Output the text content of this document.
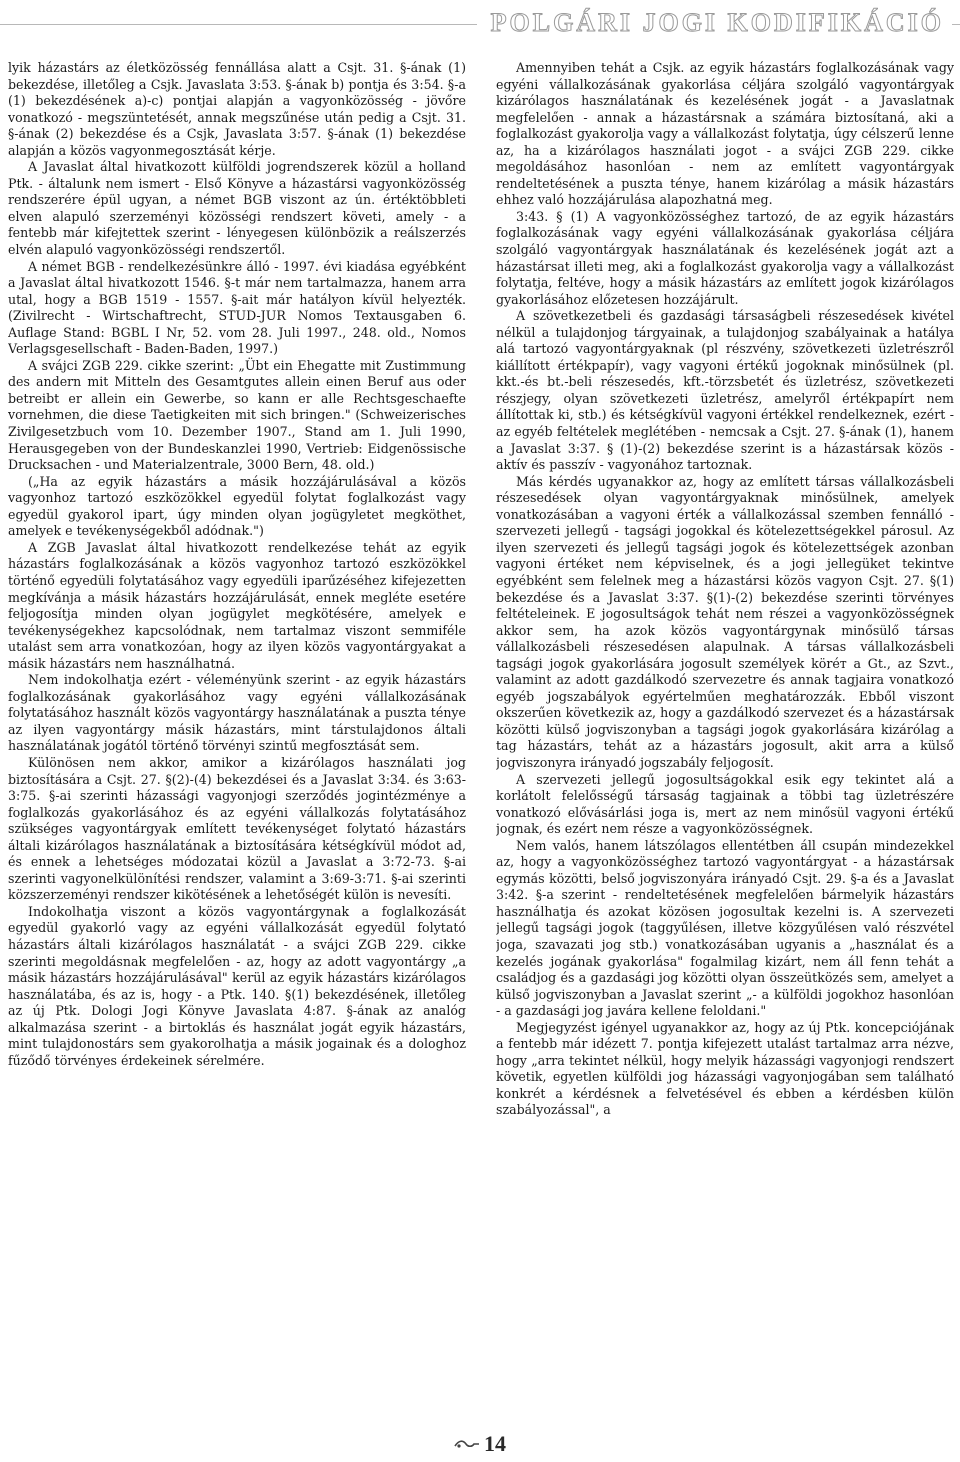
POLGÁRI JOGI KODIFIKÁCIÓ

lyik házastárs az életközösség fennállása alatt a Csjt. 31. §-ának (1) bekezdése, illetőleg a Csjk. Javaslata 3:53. §-ának b) pontja és 3:54. §-a (1) bekezdésének a)-c) pontjai alapján a vagyonközösség - jövőre vonatkozó - megszüntetését, annak megszűnése után pedig a Csjt. 31. §-ának (2) bekezdése és a Csjk, Javaslata 3:57. §-ának (1) bekezdése alapján a közös vagyonmegosztását kérje.

A Javaslat által hivatkozott külföldi jogrendszerek közül a holland Ptk. - általunk nem ismert - Első Könyve a házastársi vagyonközösség rendszerére épül ugyan, a német BGB viszont az ún. értéktöbbleti elven alapuló szerzeményi közösségi rendszert követi, amely - a fentebb már kifejtettek szerint - lényegesen különbözik a reálszerzés elvén alapuló vagyonközösségi rendszertől.

A német BGB - rendelkezésünkre álló - 1997. évi kiadása egyébként a Javaslat által hivatkozott 1546. §-t már nem tartalmazza, hanem arra utal, hogy a BGB 1519 - 1557. §-ait már hatályon kívül helyezték. (Zivilrecht - Wirtschaftrecht, STUD-JUR Nomos Textausgaben 6. Auflage Stand: BGBL I Nr, 52. vom 28. Juli 1997., 248. old., Nomos Verlagsgesellschaft - Baden-Baden, 1997.)

A svájci ZGB 229. cikke szerint: „Übt ein Ehegatte mit Zustimmung des andern mit Mitteln des Gesamtgutes allein einen Beruf aus oder betreibt er allein ein Gewerbe, so kann er alle Rechtsgeschaefte vornehmen, die diese Taetigkeiten mit sich bringen." (Schweizerisches Zivilgesetzbuch vom 10. Dezember 1907., Stand am 1. Juli 1990, Herausgegeben von der Bundeskanzlei 1990, Vertrieb: Eidgenössische Drucksachen - und Materialzentrale, 3000 Bern, 48. old.)

(„Ha az egyik házastárs a másik hozzájárulásával a közös vagyonhoz tartozó eszközökkel egyedül folytat foglalkozást vagy egyedül gyakorol ipart, úgy minden olyan jogügyletet megköthet, amelyek e tevékenységekből adódnak.")

A ZGB Javaslat által hivatkozott rendelkezése tehát az egyik házastárs foglalkozásának a közös vagyonhoz tartozó eszközökkel történő egyedüli folytatásához vagy egyedüli iparűzéséhez kifejezetten megkívánja a másik házastárs hozzájárulását, ennek megléte esetére feljogosítja minden olyan jogügylet megkötésére, amelyek e tevékenységekhez kapcsolódnak, nem tartalmaz viszont semmiféle utalást sem arra vonatkozóan, hogy az ilyen közös vagyontárgyakat a másik házastárs nem használhatná.

Nem indokolhatja ezért - véleményünk szerint - az egyik házastárs foglalkozásának gyakorlásához vagy egyéni vállalkozásának folytatásához használt közös vagyontárgy használatának a puszta ténye az ilyen vagyontárgy másik házastárs, mint társtulajdonos általi használatának jogától történő törvényi szintű megfosztását sem.

Különösen nem akkor, amikor a kizárólagos használati jog biztosítására a Csjt. 27. §(2)-(4) bekezdései és a Javaslat 3:34. és 3:63-3:75. §-ai szerinti házassági vagyonjogi szerződés jogintézménye a foglalkozás gyakorlásához és az egyéni vállalkozás folytatásához szükséges vagyontárgyak említett tevékenységet folytató házastárs általi kizárólagos használatának a biztosítására kétségkívül módot ad, és ennek a lehetséges módozatai közül a Javaslat a 3:72-73. §-ai szerinti vagyonelkülönítési rendszer, valamint a 3:69-3:71. §-ai szerinti közszerzeményi rendszer kikötésének a lehetőségét külön is nevesíti.

Indokolhatja viszont a közös vagyontárgynak a foglalkozását egyedül gyakorló vagy az egyéni vállalkozását egyedül folytató házastárs általi kizárólagos használatát - a svájci ZGB 229. cikke szerinti megoldásnak megfelelően - az, hogy az adott vagyontárgy „a másik házastárs hozzájárulásával" kerül az egyik házastárs kizárólagos használatába, és az is, hogy - a Ptk. 140. §(1) bekezdésének, illetőleg az új Ptk. Dologi Jogi Könyve Javaslata 4:87. §-ának az analóg alkalmazása szerint - a birtoklás és használat jogát egyik házastárs, mint tulajdonostárs sem gyakorolhatja a másik jogainak és a dologhoz fűződő törvényes érdekeinek sérelmére.

Amennyiben tehát a Csjk. az egyik házastárs foglalkozásának vagy egyéni vállalkozásának gyakorlása céljára szolgáló vagyontárgyak kizárólagos használatának és kezelésének jogát - a Javaslatnak megfelelően - annak a házastársnak a számára biztosítaná, aki a foglalkozást gyakorolja vagy a vállalkozást folytatja, úgy célszerű lenne az, ha a kizárólagos használati jogot - a svájci ZGB 229. cikke megoldásához hasonlóan - nem az említett vagyontárgyak rendeltetésének a puszta ténye, hanem kizárólag a másik házastárs ehhez való hozzájárulása alapozhatná meg.

3:43. § (1) A vagyonközösséghez tartozó, de az egyik házastárs foglalkozásának vagy egyéni vállalkozásának gyakorlása céljára szolgáló vagyontárgyak használatának és kezelésének jogát azt a házastársat illeti meg, aki a foglalkozást gyakorolja vagy a vállalkozást folytatja, feltéve, hogy a másik házastárs az említett jogok kizárólagos gyakorlásához előzetesen hozzájárult.

A szövetkezetbeli és gazdasági társaságbeli részesedések kivétel nélkül a tulajdonjog tárgyainak, a tulajdonjog szabályainak a hatálya alá tartozó vagyontárgyaknak (pl részvény, szövetkezeti üzletrészről kiállított értékpapír), vagy vagyoni értékű jogoknak minősülnek (pl. kkt.-és bt.-beli részesedés, kft.-törzsbetét és üzletrész, szövetkezeti részjegy, olyan szövetkezeti üzletrész, amelyről értékpapírt nem állítottak ki, stb.) és kétségkívül vagyoni értékkel rendelkeznek, ezért - az egyéb feltételek meglétében - nemcsak a Csjt. 27. §-ának (1), hanem a Javaslat 3:37. § (1)-(2) bekezdése szerint is a házastársak közös - aktív és passzív - vagyonához tartoznak.

Más kérdés ugyanakkor az, hogy az említett társas vállalkozásbeli részesedések olyan vagyontárgyaknak minősülnek, amelyek vonatkozásában a vagyoni érték a vállalkozással szemben fennálló - szervezeti jellegű - tagsági jogokkal és kötelezettségekkel párosul. Az ilyen szervezeti és jellegű tagsági jogok és kötelezettségek azonban vagyoni értéket nem képviselnek, és a jogi jellegüket tekintve egyébként sem felelnek meg a házastársi közös vagyon Csjt. 27. §(1) bekezdése és a Javaslat 3:37. §(1)-(2) bekezdése szerinti törvényes feltételeinek. E jogosultságok tehát nem részei a vagyonközösségnek akkor sem, ha azok közös vagyontárgynak minősülő társas vállalkozásbeli részesedésen alapulnak. A társas vállalkozásbeli tagsági jogok gyakorlására jogosult személyek köréт a Gt., az Szvt., valamint az adott gazdálkodó szervezetre és annak tagjaira vonatkozó egyéb jogszabályok egyértelműen meghatározzák. Ebből viszont okszerűen következik az, hogy a gazdálkodó szervezet és a házastársak közötti külső jogviszonyban a tagsági jogok gyakorlására kizárólag a tag házastárs, tehát az a házastárs jogosult, akit arra a külső jogviszonyra irányadó jogszabály feljogosít.

A szervezeti jellegű jogosultságokkal esik egy tekintet alá a korlátolt felelősségű társaság tagjainak a többi tag üzletrészére vonatkozó elővásárlási joga is, mert az nem minősül vagyoni értékű jognak, és ezért nem része a vagyonközösségnek.

Nem valós, hanem látszólagos ellentétben áll csupán mindezekkel az, hogy a vagyonközösséghez tartozó vagyontárgyat - a házastársak egymás közötti, belső jogviszonyára irányadó Csjt. 29. §-a és a Javaslat 3:42. §-a szerint - rendeltetésének megfelelően bármelyik házastárs használhatja és azokat közösen jogosultak kezelni is. A szervezeti jellegű tagsági jogok (taggyűlésen, illetve közgyűlésen való részvétel joga, szavazati jog stb.) vonatkozásában ugyanis a „használat és a kezelés jogának gyakorlása" fogalmilag kizárt, nem áll fenn tehát a családjog és a gazdasági jog közötti olyan összeütközés sem, amelyet a külső jogviszonyban a Javaslat szerint „- a külföldi jogokhoz hasonlóan - a gazdasági jog javára kellene feloldani."

Megjegyzést igényel ugyanakkor az, hogy az új Ptk. koncepciójának a fentebb már idézett 7. pontja kifejezett utalást tartalmaz arra nézve, hogy „arra tekintet nélkül, hogy melyik házassági vagyonjogi rendszert követik, egyetlen külföldi jog házassági vagyonjogában sem található konkrét a kérdésnek a felvetésével és ebben a kérdésben külön szabályozással", a

14
